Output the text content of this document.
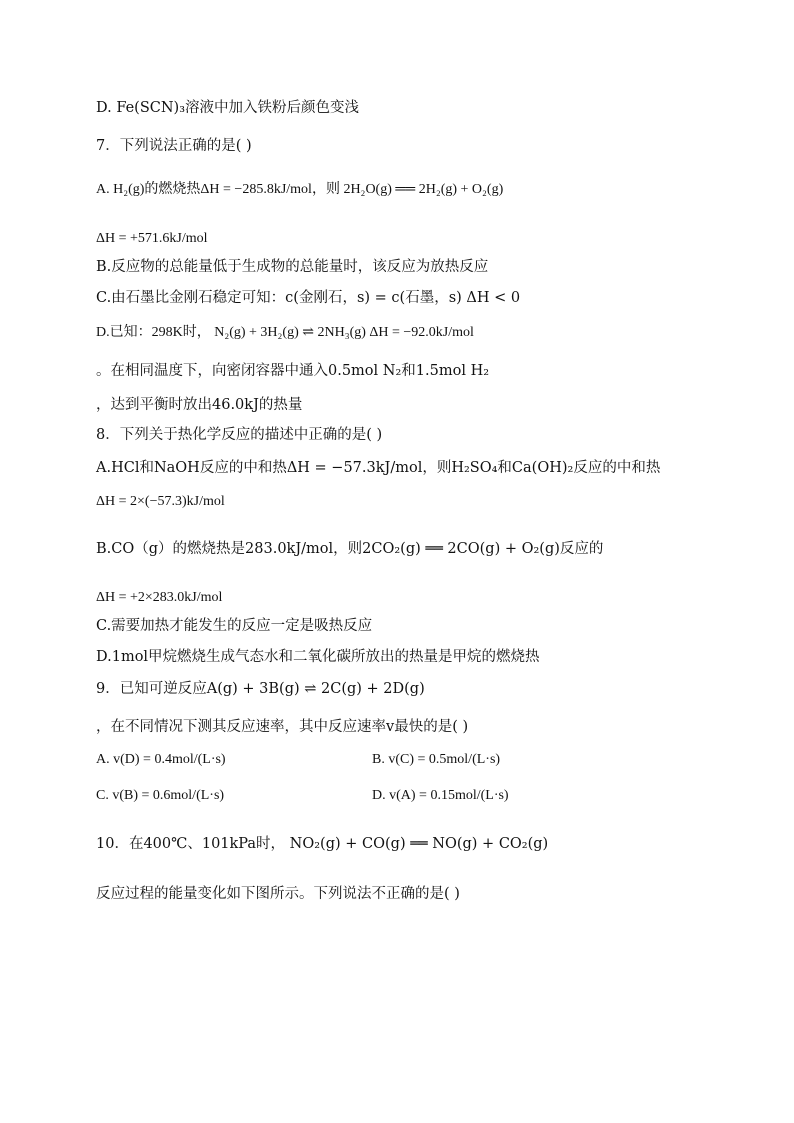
D. Fe(SCN)₃溶液中加入铁粉后颜色变浅
7．下列说法正确的是( )
A. H₂(g)的燃烧热ΔH = −285.8kJ/mol，则 2H₂O(g) ══ 2H₂(g) + O₂(g)
ΔH = +571.6kJ/mol
B.反应物的总能量低于生成物的总能量时，该反应为放热反应
C.由石墨比金刚石稳定可知：c(金刚石，s) = c(石墨，s) ΔH < 0
D.已知：298K时， N₂(g) + 3H₂(g) ⇌ 2NH₃(g) ΔH = −92.0kJ/mol
。在相同温度下，向密闭容器中通入0.5mol N₂和1.5mol H₂
，达到平衡时放出46.0kJ的热量
8．下列关于热化学反应的描述中正确的是( )
A.HCl和NaOH反应的中和热ΔH = −57.3kJ/mol，则H₂SO₄和Ca(OH)₂反应的中和热
ΔH = 2×(−57.3)kJ/mol
B.CO（g）的燃烧热是283.0kJ/mol，则2CO₂(g) ══ 2CO(g) + O₂(g)反应的
ΔH = +2×283.0kJ/mol
C.需要加热才能发生的反应一定是吸热反应
D.1mol甲烷燃烧生成气态水和二氧化碳所放出的热量是甲烷的燃烧热
9．已知可逆反应A(g) + 3B(g) ⇌ 2C(g) + 2D(g)
，在不同情况下测其反应速率，其中反应速率v最快的是( )
A. v(D) = 0.4mol/(L·s)	B. v(C) = 0.5mol/(L·s)
C. v(B) = 0.6mol/(L·s)	D. v(A) = 0.15mol/(L·s)
10．在400℃、101kPa时， NO₂(g) + CO(g) ══ NO(g) + CO₂(g)
反应过程的能量变化如下图所示。下列说法不正确的是( )
